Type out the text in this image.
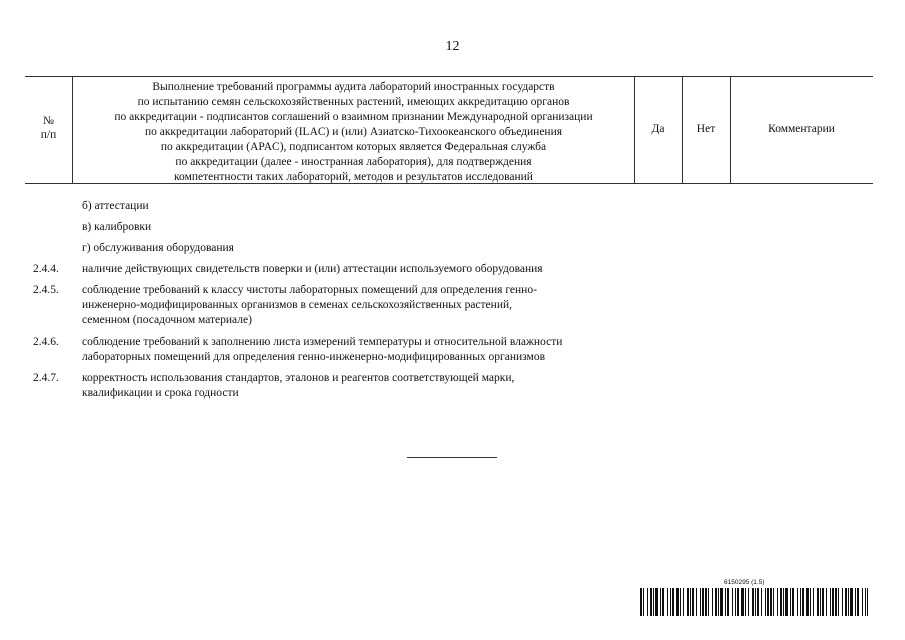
12
№
п/п
Выполнение требований программы аудита лабораторий иностранных государств
по испытанию семян сельскохозяйственных растений, имеющих аккредитацию органов
по аккредитации - подписантов соглашений о взаимном признании Международной организации
по аккредитации лабораторий (ILAC) и (или) Азиатско-Тихоокеанского объединения
по аккредитации (APAC), подписантом которых является Федеральная служба
по аккредитации (далее - иностранная лаборатория), для подтверждения
компетентности таких лабораторий, методов и результатов исследований
Да	Нет	Комментарии
б) аттестации
в) калибровки
г) обслуживания оборудования
2.4.4.	наличие действующих свидетельств поверки и (или) аттестации используемого оборудования
2.4.5.	соблюдение требований к классу чистоты лабораторных помещений для определения генно-
инженерно-модифицированных организмов в семенах сельскохозяйственных растений,
семенном (посадочном материале)
2.4.6.	соблюдение требований к заполнению листа измерений температуры и относительной влажности
лабораторных помещений для определения генно-инженерно-модифицированных организмов
2.4.7.	корректность использования стандартов, эталонов и реагентов соответствующей марки,
квалификации и срока годности
6150295 (1.5)
